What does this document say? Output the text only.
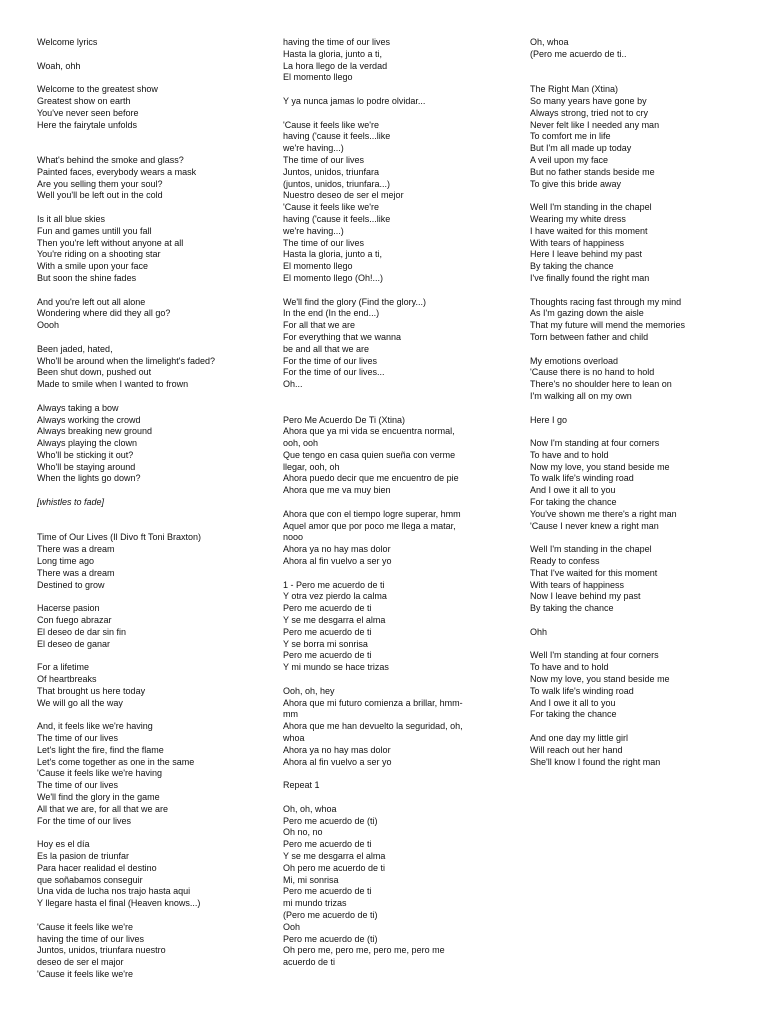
Welcome lyrics
Woah, ohh
Welcome to the greatest show
Greatest show on earth
You've never seen before
Here the fairytale unfolds
What's behind the smoke and glass?
Painted faces, everybody wears a mask
Are you selling them your soul?
Well you'll be left out in the cold
Is it all blue skies
Fun and games untill you fall
Then you're left without anyone at all
You're riding on a shooting star
With a smile upon your face
But soon the shine fades
And you're left out all alone
Wondering where did they all go?
Oooh
Been jaded, hated,
Who'll be around when the limelight's faded?
Been shut down, pushed out
Made to smile when I wanted to frown
Always taking a bow
Always working the crowd
Always breaking new ground
Always playing the clown
Who'll be sticking it out?
Who'll be staying around
When the lights go down?
[whistles to fade]
Time of Our Lives (Il Divo ft Toni Braxton)
There was a dream
Long time ago
There was a dream
Destined to grow
Hacerse pasion
Con fuego abrazar
El deseo de dar sin fin
El deseo de ganar
For a lifetime
Of heartbreaks
That brought us here today
We will go all the way
And, it feels like we're having
The time of our lives
Let's light the fire, find the flame
Let's come together as one in the same
'Cause it feels like we're having
The time of our lives
We'll find the glory in the game
All that we are, for all that we are
For the time of our lives
Hoy es el día
Es la pasion de triunfar
Para hacer realidad el destino
que soñabamos conseguir
Una vida de lucha nos trajo hasta aqui
Y llegare hasta el final (Heaven knows...)
'Cause it feels like we're
having the time of our lives
Juntos, unidos, triunfara nuestro
deseo de ser el major
'Cause it feels like we're
having the time of our lives
Hasta la gloria, junto a ti,
La hora llego de la verdad
El momento llego
Y ya nunca jamas lo podre olvidar...
'Cause it feels like we're
having ('cause it feels...like
we're having...)
The time of our lives
Juntos, unidos, triunfara
(juntos, unidos, triunfara...)
Nuestro deseo de ser el mejor
'Cause it feels like we're
having ('cause it feels...like
we're having...)
The time of our lives
Hasta la gloria, junto a ti,
El momento llego
El momento llego (Oh!...)
We'll find the glory (Find the glory...)
In the end (In the end...)
For all that we are
For everything that we wanna
be and all that we are
For the time of our lives
For the time of our lives...
Oh...
Pero Me Acuerdo De Ti (Xtina)
Ahora que ya mi vida se encuentra normal,
ooh, ooh
Que tengo en casa quien sueña con verme
llegar, ooh, oh
Ahora puedo decir que me encuentro de pie
Ahora que me va muy bien
Ahora que con el tiempo logre superar, hmm
Aquel amor que por poco me llega a matar,
nooo
Ahora ya no hay mas dolor
Ahora al fin vuelvo a ser yo
1 - Pero me acuerdo de ti
Y otra vez pierdo la calma
Pero me acuerdo de ti
Y se me desgarra el alma
Pero me acuerdo de ti
Y se borra mi sonrisa
Pero me acuerdo de ti
Y mi mundo se hace trizas
Ooh, oh, hey
Ahora que mi futuro comienza a brillar, hmm-
mm
Ahora que me han devuelto la seguridad, oh,
whoa
Ahora ya no hay mas dolor
Ahora al fin vuelvo a ser yo
Repeat 1
Oh, oh, whoa
Pero me acuerdo de (ti)
Oh no, no
Pero me acuerdo de ti
Y se me desgarra el alma
Oh pero me acuerdo de ti
Mi, mi sonrisa
Pero me acuerdo de ti
mi mundo trizas
(Pero me acuerdo de ti)
Ooh
Pero me acuerdo de (ti)
Oh pero me, pero me, pero me, pero me
acuerdo de ti
Oh, whoa
(Pero me acuerdo de ti..
The Right Man (Xtina)
So many years have gone by
Always strong, tried not to cry
Never felt like I needed any man
To comfort me in life
But I'm all made up today
A veil upon my face
But no father stands beside me
To give this bride away
Well I'm standing in the chapel
Wearing my white dress
I have waited for this moment
With tears of happiness
Here I leave behind my past
By taking the chance
I've finally found the right man
Thoughts racing fast through my mind
As I'm gazing down the aisle
That my future will mend the memories
Torn between father and child
My emotions overload
'Cause there is no hand to hold
There's no shoulder here to lean on
I'm walking all on my own
Here I go
Now I'm standing at four corners
To have and to hold
Now my love, you stand beside me
To walk life's winding road
And I owe it all to you
For taking the chance
You've shown me there's a right man
'Cause I never knew a right man
Well I'm standing in the chapel
Ready to confess
That I've waited for this moment
With tears of happiness
Now I leave behind my past
By taking the chance
Ohh
Well I'm standing at four corners
To have and to hold
Now my love, you stand beside me
To walk life's winding road
And I owe it all to you
For taking the chance
And one day my little girl
Will reach out her hand
She'll know I found the right man
